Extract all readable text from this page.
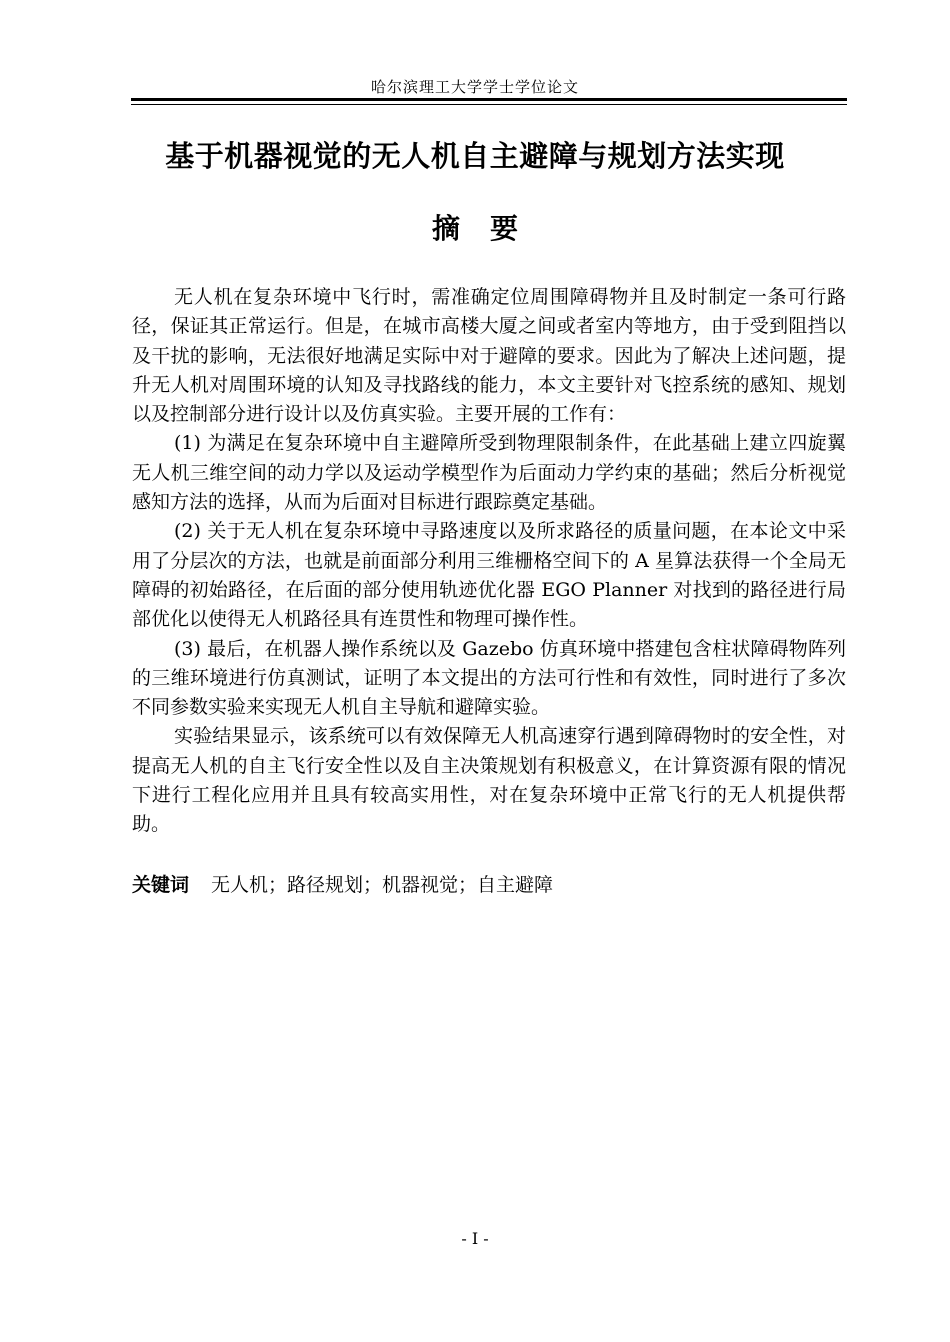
哈尔滨理工大学学士学位论文
基于机器视觉的无人机自主避障与规划方法实现
摘 要

无人机在复杂环境中飞行时，需准确定位周围障碍物并且及时制定一条可行路径，保证其正常运行。但是，在城市高楼大厦之间或者室内等地方，由于受到阻挡以及干扰的影响，无法很好地满足实际中对于避障的要求。因此为了解决上述问题，提升无人机对周围环境的认知及寻找路线的能力，本文主要针对飞控系统的感知、规划以及控制部分进行设计以及仿真实验。主要开展的工作有：

(1) 为满足在复杂环境中自主避障所受到物理限制条件，在此基础上建立四旋翼无人机三维空间的动力学以及运动学模型作为后面动力学约束的基础；然后分析视觉感知方法的选择，从而为后面对目标进行跟踪奠定基础。

(2) 关于无人机在复杂环境中寻路速度以及所求路径的质量问题，在本论文中采用了分层次的方法，也就是前面部分利用三维栅格空间下的 A 星算法获得一个全局无障碍的初始路径，在后面的部分使用轨迹优化器 EGO Planner 对找到的路径进行局部优化以使得无人机路径具有连贯性和物理可操作性。

(3) 最后，在机器人操作系统以及 Gazebo 仿真环境中搭建包含柱状障碍物阵列的三维环境进行仿真测试，证明了本文提出的方法可行性和有效性，同时进行了多次不同参数实验来实现无人机自主导航和避障实验。

实验结果显示，该系统可以有效保障无人机高速穿行遇到障碍物时的安全性，对提高无人机的自主飞行安全性以及自主决策规划有积极意义，在计算资源有限的情况下进行工程化应用并且具有较高实用性，对在复杂环境中正常飞行的无人机提供帮助。

关键词 无人机；路径规划；机器视觉；自主避障
- I -
